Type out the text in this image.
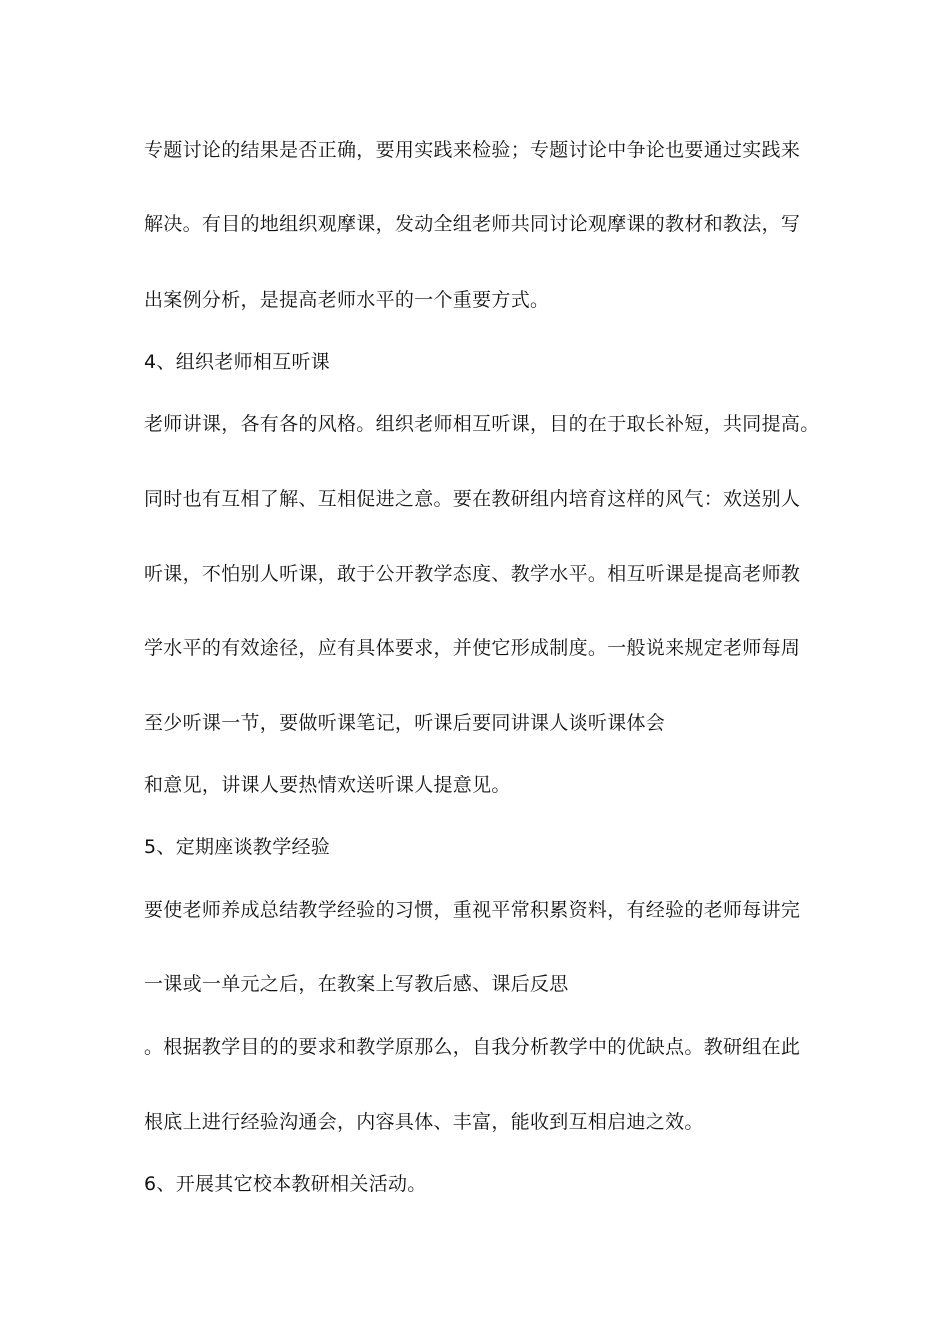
专题讨论的结果是否正确，要用实践来检验；专题讨论中争论也要通过实践来
解决。有目的地组织观摩课，发动全组老师共同讨论观摩课的教材和教法，写
出案例分析，是提高老师水平的一个重要方式。
4、组织老师相互听课
老师讲课，各有各的风格。组织老师相互听课，目的在于取长补短，共同提高。
同时也有互相了解、互相促进之意。要在教研组内培育这样的风气：欢送别人
听课，不怕别人听课，敢于公开教学态度、教学水平。相互听课是提高老师教
学水平的有效途径，应有具体要求，并使它形成制度。一般说来规定老师每周
至少听课一节，要做听课笔记，听课后要同讲课人谈听课体会
和意见，讲课人要热情欢送听课人提意见。
5、定期座谈教学经验
要使老师养成总结教学经验的习惯，重视平常积累资料，有经验的老师每讲完
一课或一单元之后，在教案上写教后感、课后反思
。根据教学目的的要求和教学原那么，自我分析教学中的优缺点。教研组在此
根底上进行经验沟通会，内容具体、丰富，能收到互相启迪之效。
6、开展其它校本教研相关活动。
